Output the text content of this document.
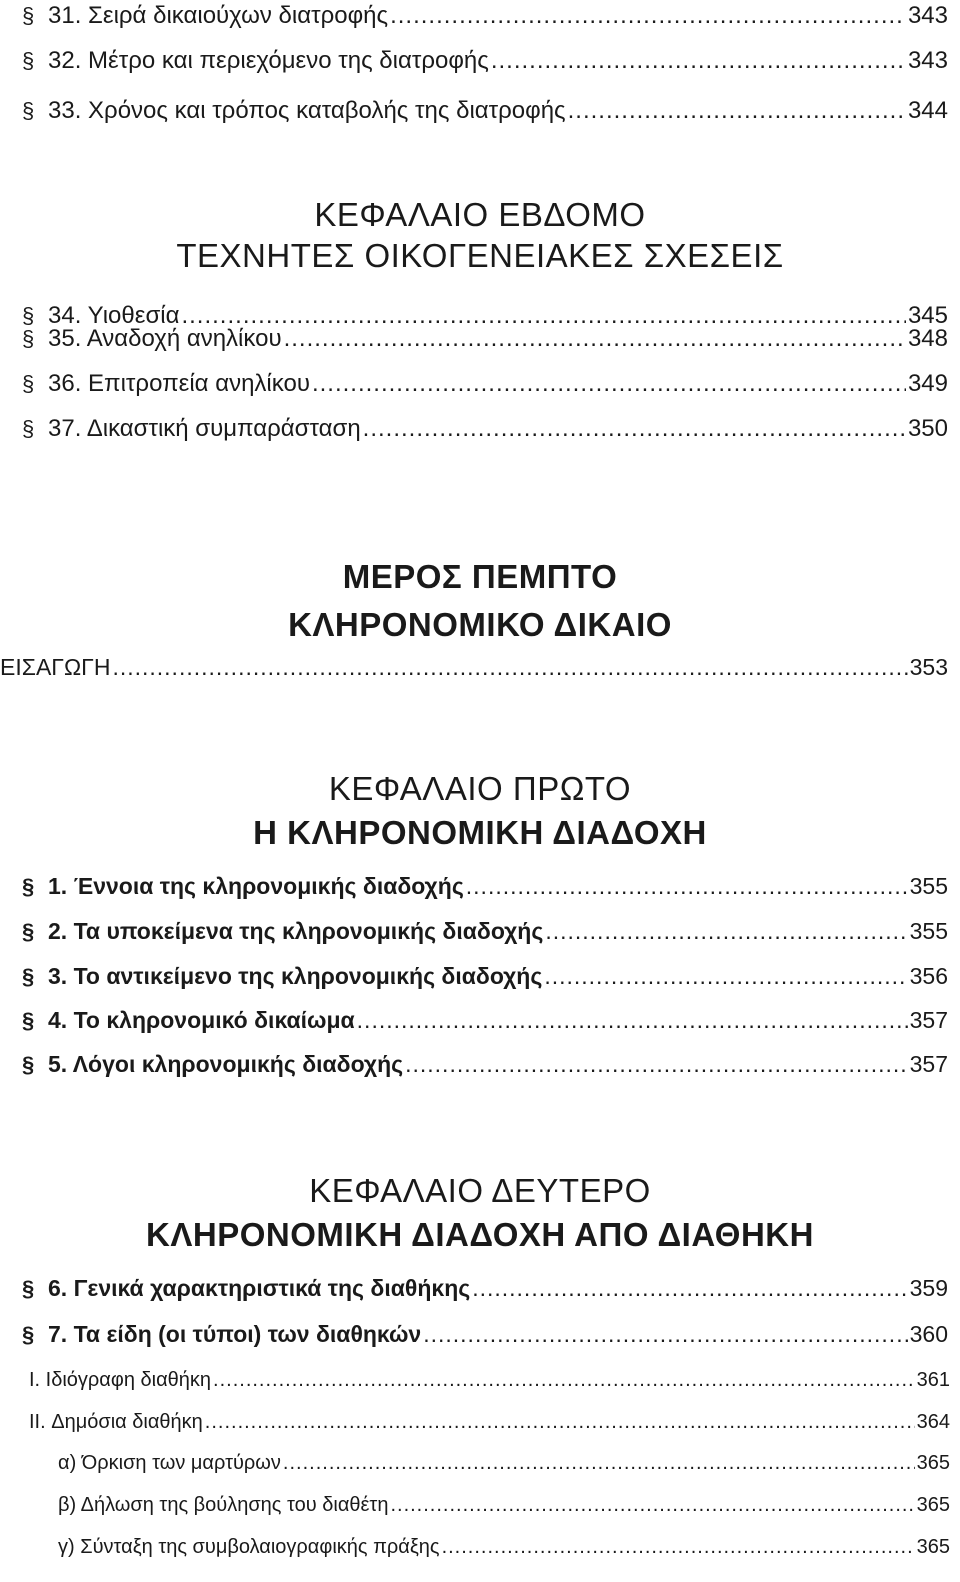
§ 31. Σειρά δικαιούχων διατροφής .....	343
§ 32. Μέτρο και περιεχόμενο της διατροφής .....	343
§ 33. Χρόνος και τρόπος καταβολής της διατροφής .....	344
ΚΕΦΑΛΑΙΟ ΕΒΔΟΜΟ
ΤΕΧΝΗΤΕΣ ΟΙΚΟΓΕΝΕΙΑΚΕΣ ΣΧΕΣΕΙΣ
§ 34. Υιοθεσία .....	345
§ 35. Αναδοχή ανηλίκου .....	348
§ 36. Επιτροπεία ανηλίκου .....	349
§ 37. Δικαστική συμπαράσταση .....	350
ΜΕΡΟΣ ΠΕΜΠΤΟ
ΚΛΗΡΟΝΟΜΙΚΟ ΔΙΚΑΙΟ
ΕΙΣΑΓΩΓΗ .....	353
ΚΕΦΑΛΑΙΟ ΠΡΩΤΟ
Η ΚΛΗΡΟΝΟΜΙΚΗ ΔΙΑΔΟΧΗ
§ 1. Έννοια της κληρονομικής διαδοχής .....	355
§ 2. Τα υποκείμενα της κληρονομικής διαδοχής .....	355
§ 3. Το αντικείμενο της κληρονομικής διαδοχής .....	356
§ 4. Το κληρονομικό δικαίωμα .....	357
§ 5. Λόγοι κληρονομικής διαδοχής .....	357
ΚΕΦΑΛΑΙΟ ΔΕΥΤΕΡΟ
ΚΛΗΡΟΝΟΜΙΚΗ ΔΙΑΔΟΧΗ ΑΠΟ ΔΙΑΘΗΚΗ
§ 6. Γενικά χαρακτηριστικά της διαθήκης .....	359
§ 7. Τα είδη (οι τύποι) των διαθηκών .....	360
I. Ιδιόγραφη διαθήκη .....	361
II. Δημόσια διαθήκη .....	364
α) Όρκιση των μαρτύρων .....	365
β) Δήλωση της βούλησης του διαθέτη .....	365
γ) Σύνταξη της συμβολαιογραφικής πράξης .....	365
